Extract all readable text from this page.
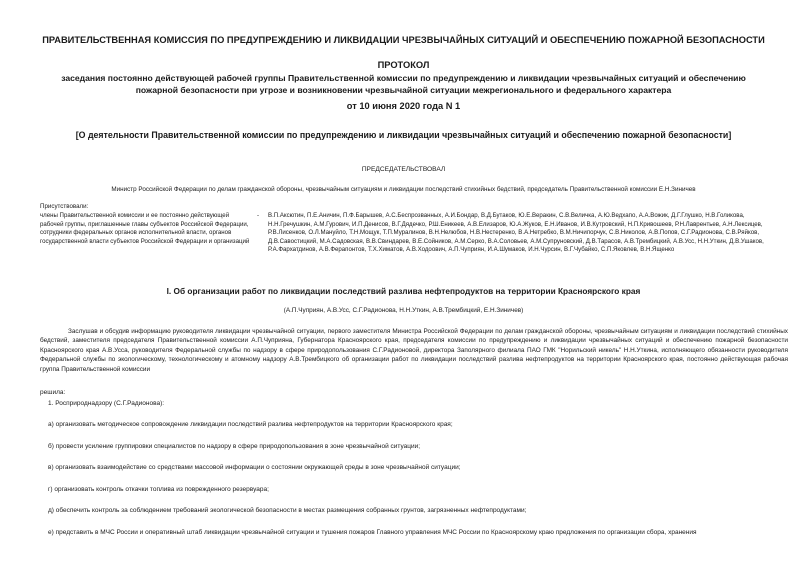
ПРАВИТЕЛЬСТВЕННАЯ КОМИССИЯ ПО ПРЕДУПРЕЖДЕНИЮ И ЛИКВИДАЦИИ ЧРЕЗВЫЧАЙНЫХ СИТУАЦИЙ И ОБЕСПЕЧЕНИЮ ПОЖАРНОЙ БЕЗОПАСНОСТИ
ПРОТОКОЛ
заседания постоянно действующей рабочей группы Правительственной комиссии по предупреждению и ликвидации чрезвычайных ситуаций и обеспечению пожарной безопасности при угрозе и возникновении чрезвычайной ситуации межрегионального и федерального характера
от 10 июня 2020 года N 1
[О деятельности Правительственной комиссии по предупреждению и ликвидации чрезвычайных ситуаций и обеспечению пожарной безопасности]
ПРЕДСЕДАТЕЛЬСТВОВАЛ
Министр Российской Федерации по делам гражданской обороны, чрезвычайным ситуациям и ликвидации последствий стихийных бедствий, председатель Правительственной комиссии Е.Н.Зиничев
Присутствовали:
члены Правительственной комиссии и ее постоянно действующей рабочей группы, приглашенные главы субъектов Российской Федерации, сотрудники федеральных органов исполнительной власти, органов государственной власти субъектов Российской Федерации и организаций
- В.П.Аксютин, П.Е.Аничин, П.Ф.Барышев, А.С.Беспрозванных, А.И.Бондар, В.Д.Бутаков, Ю.Е.Веракин, С.В.Величка, А.Ю.Ведхапо, А.А.Вожик, Д.Г.Глушко, Н.В.Голикова, Н.Н.Гречушкин, А.М.Гурович, И.П.Денисов, В.Г.Дядечко, Р.Ш.Еникеев, А.В.Елизаров, Ю.А.Жуков, Е.Н.Иванов, И.В.Кутровский, Н.П.Кривошеев, Р.Н.Лаврентьев, А.Н.Лексицев, Р.В.Лисенков, О.Л.Мануйло, Т.Н.Мощук, Т.П.Муралинов, В.Н.Нелюбов, Н.В.Нестеренко, В.А.Нетребко, В.М.Ничипорчук, С.В.Николов, А.В.Попов, С.Г.Радионова, С.В.Ряйков, Д.В.Савостицкий, М.А.Садовская, В.В.Свиндарев, В.Е.Сойников, А.М.Серко, В.А.Соловьев, А.М.Супруновский, Д.В.Тарасов, А.В.Трембицкий, А.В.Усс, Н.Н.Уткин, Д.В.Ушаков, Р.А.Фархатдинов, А.В.Ферапонтов, Т.Х.Химатов, А.В.Ходоович, А.П.Чуприян, И.А.Шумаков, И.Н.Чурсин, В.Г.Чубайко, С.П.Яковлев, В.Н.Ященко
I. Об организации работ по ликвидации последствий разлива нефтепродуктов на территории Красноярского края
(А.П.Чуприян, А.В.Усс, С.Г.Радионова, Н.Н.Уткин, А.В.Трембицкий, Е.Н.Зиничев)
Заслушав и обсудив информацию руководителя ликвидации чрезвычайной ситуации, первого заместителя Министра Российской Федерации по делам гражданской обороны, чрезвычайным ситуациям и ликвидации последствий стихийных бедствий, заместителя председателя Правительственной комиссии А.П.Чуприяна, Губернатора Красноярского края, председателя комиссии по предупреждению и ликвидации чрезвычайных ситуаций и обеспечению пожарной безопасности Красноярского края А.В.Усса, руководителя Федеральной службы по надзору в сфере природопользования С.Г.Радионовой, директора Заполярного филиала ПАО ГМК "Норильский никель" Н.Н.Уткина, исполняющего обязанности руководителя Федеральной службы по экологическому, технологическому и атомному надзору А.В.Трембицкого об организации работ по ликвидации последствий разлива нефтепродуктов на территории Красноярского края, постоянно действующая рабочая группа Правительственной комиссии
решила:
1. Росприроднадзору (С.Г.Радионова):
а) организовать методическое сопровождение ликвидации последствий разлива нефтепродуктов на территории Красноярского края;
б) провести усиление группировки специалистов по надзору в сфере природопользования в зоне чрезвычайной ситуации;
в) организовать взаимодействие со средствами массовой информации о состоянии окружающей среды в зоне чрезвычайной ситуации;
г) организовать контроль откачки топлива из поврежденного резервуара;
д) обеспечить контроль за соблюдением требований экологической безопасности в местах размещения собранных грунтов, загрязненных нефтепродуктами;
е) представить в МЧС России и оперативный штаб ликвидации чрезвычайной ситуации и тушения пожаров Главного управления МЧС России по Красноярскому краю предложения по организации сбора, хранения
